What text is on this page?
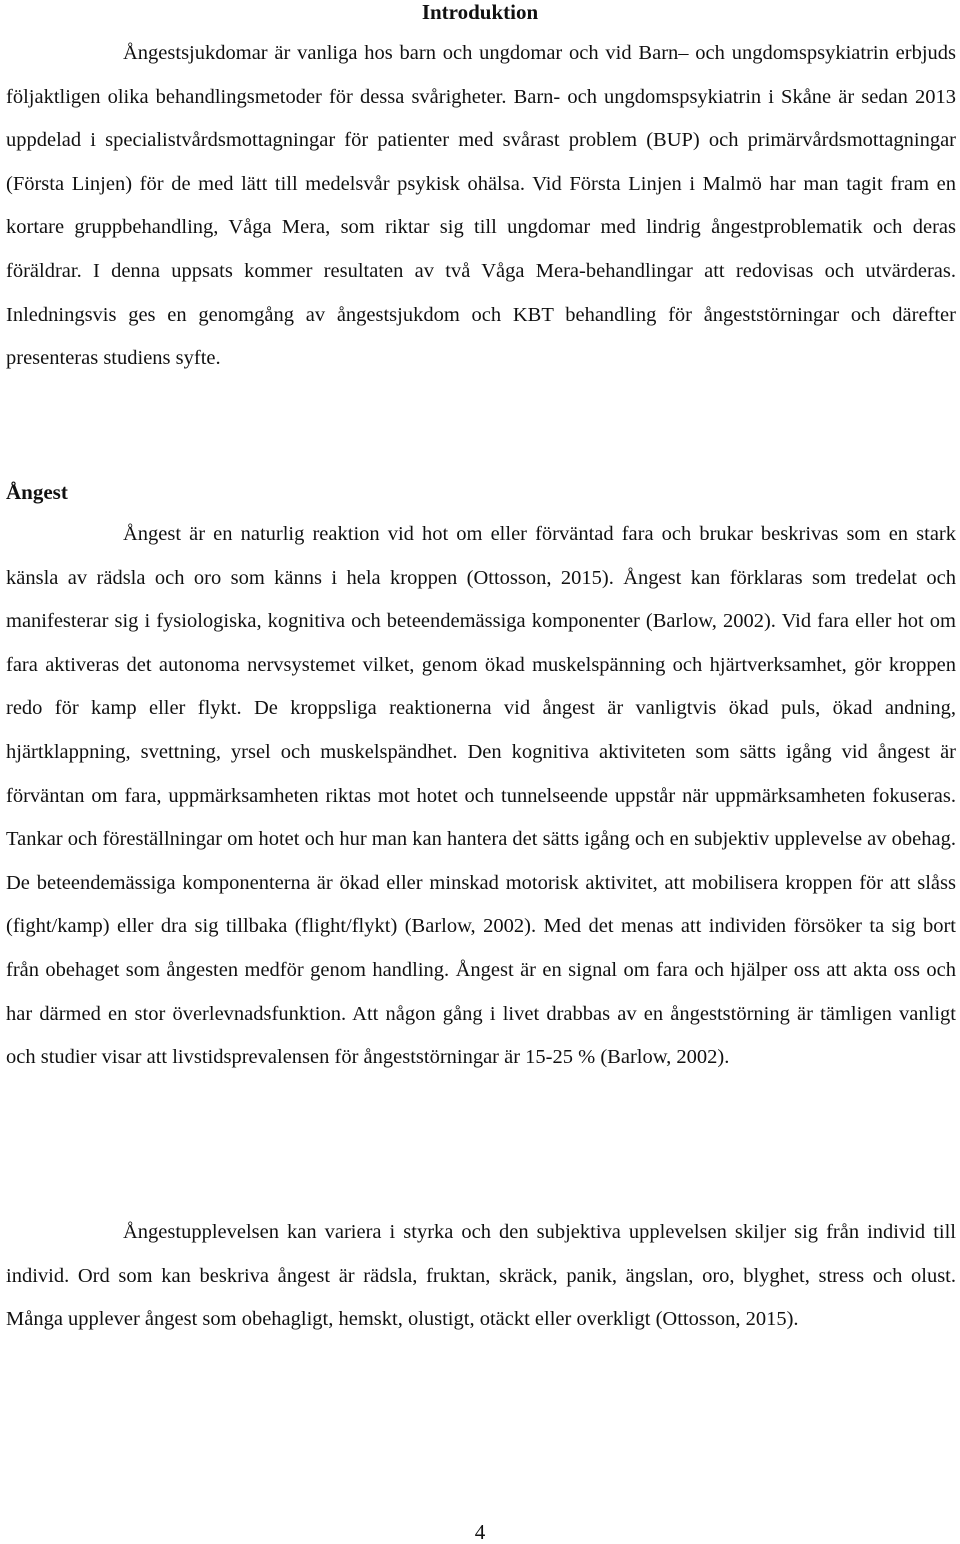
Introduktion

Ångestsjukdomar är vanliga hos barn och ungdomar och vid Barn– och ungdomspsykiatrin erbjuds följaktligen olika behandlingsmetoder för dessa svårigheter. Barn- och ungdomspsykiatrin i Skåne är sedan 2013 uppdelad i specialistvårdsmottagningar för patienter med svårast problem (BUP) och primärvårdsmottagningar (Första Linjen) för de med lätt till medelsvår psykisk ohälsa. Vid Första Linjen i Malmö har man tagit fram en kortare gruppbehandling, Våga Mera, som riktar sig till ungdomar med lindrig ångestproblematik och deras föräldrar. I denna uppsats kommer resultaten av två Våga Mera-behandlingar att redovisas och utvärderas. Inledningsvis ges en genomgång av ångestsjukdom och KBT behandling för ångeststörningar och därefter presenteras studiens syfte.

Ångest

Ångest är en naturlig reaktion vid hot om eller förväntad fara och brukar beskrivas som en stark känsla av rädsla och oro som känns i hela kroppen (Ottosson, 2015). Ångest kan förklaras som tredelat och manifesterar sig i fysiologiska, kognitiva och beteendemässiga komponenter (Barlow, 2002). Vid fara eller hot om fara aktiveras det autonoma nervsystemet vilket, genom ökad muskelspänning och hjärtverksamhet, gör kroppen redo för kamp eller flykt. De kroppsliga reaktionerna vid ångest är vanligtvis ökad puls, ökad andning, hjärtklappning, svettning, yrsel och muskelspändhet. Den kognitiva aktiviteten som sätts igång vid ångest är förväntan om fara, uppmärksamheten riktas mot hotet och tunnelseende uppstår när uppmärksamheten fokuseras. Tankar och föreställningar om hotet och hur man kan hantera det sätts igång och en subjektiv upplevelse av obehag. De beteendemässiga komponenterna är ökad eller minskad motorisk aktivitet, att mobilisera kroppen för att slåss (fight/kamp) eller dra sig tillbaka (flight/flykt) (Barlow, 2002). Med det menas att individen försöker ta sig bort från obehaget som ångesten medför genom handling. Ångest är en signal om fara och hjälper oss att akta oss och har därmed en stor överlevnadsfunktion. Att någon gång i livet drabbas av en ångeststörning är tämligen vanligt och studier visar att livstidsprevalensen för ångeststörningar är 15-25 % (Barlow, 2002).

Ångestupplevelsen kan variera i styrka och den subjektiva upplevelsen skiljer sig från individ till individ. Ord som kan beskriva ångest är rädsla, fruktan, skräck, panik, ängslan, oro, blyghet, stress och olust. Många upplever ångest som obehagligt, hemskt, olustigt, otäckt eller overkligt (Ottosson, 2015).

4
